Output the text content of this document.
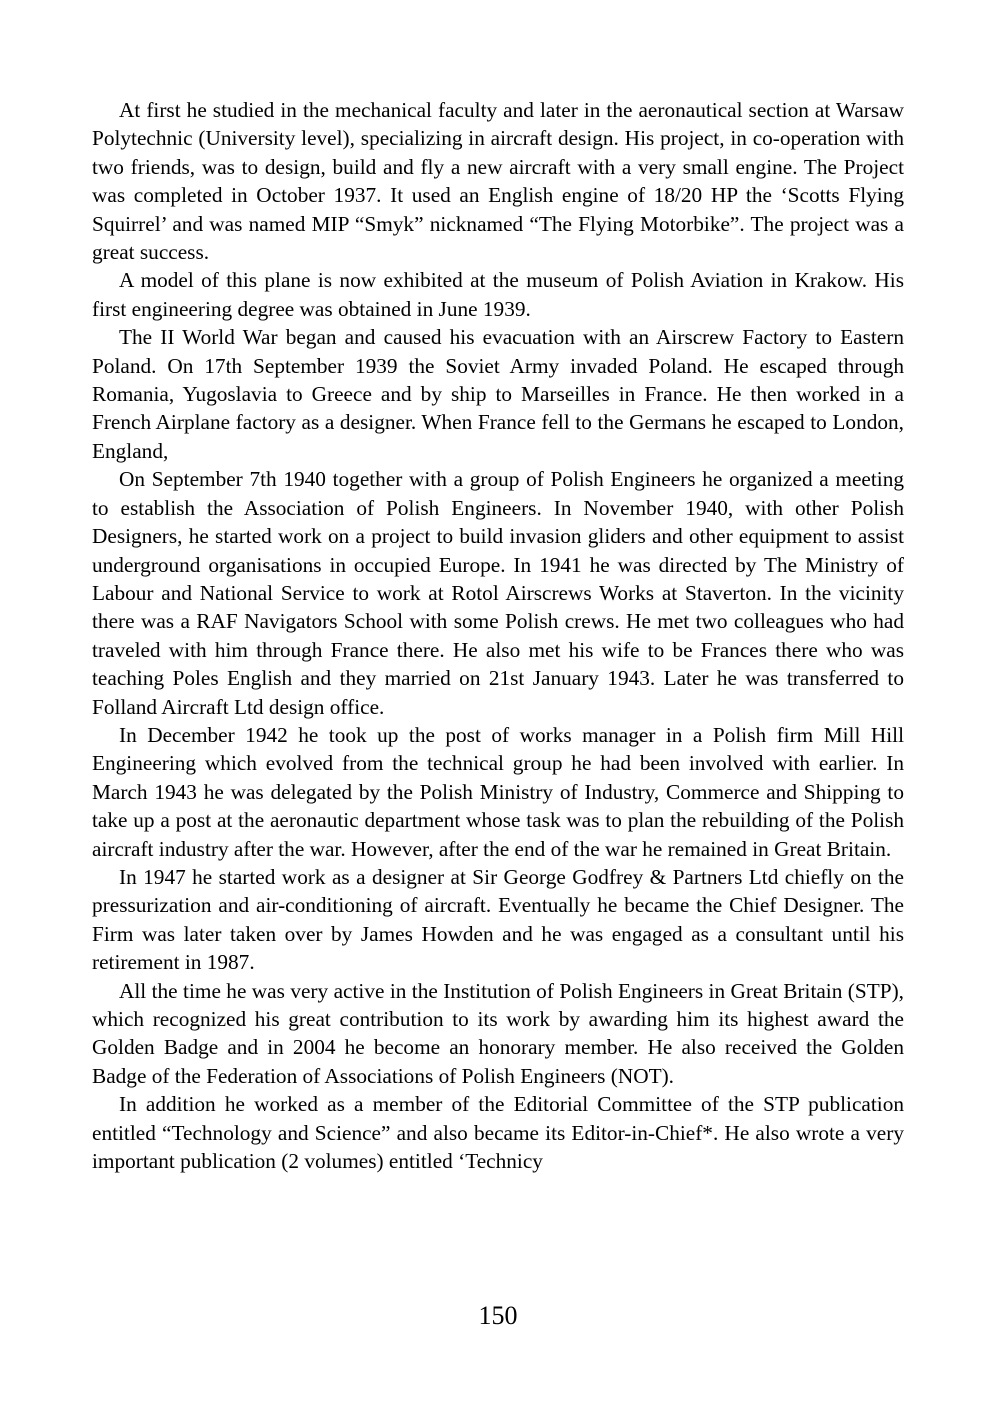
At first he studied in the mechanical faculty and later in the aeronautical section at Warsaw Polytechnic (University level), specializing in aircraft design. His project, in co-operation with two friends, was to design, build and fly a new aircraft with a very small engine. The Project was completed in October 1937. It used an English engine of 18/20 HP the ‘Scotts Flying Squirrel’ and was named MIP “Smyk” nicknamed “The Flying Motorbike”. The project was a great success.

A model of this plane is now exhibited at the museum of Polish Aviation in Krakow. His first engineering degree was obtained in June 1939.

The II World War began and caused his evacuation with an Airscrew Factory to Eastern Poland. On 17th September 1939 the Soviet Army invaded Poland. He escaped through Romania, Yugoslavia to Greece and by ship to Marseilles in France. He then worked in a French Airplane factory as a designer. When France fell to the Germans he escaped to London, England,

On September 7th 1940 together with a group of Polish Engineers he organized a meeting to establish the Association of Polish Engineers. In November 1940, with other Polish Designers, he started work on a project to build invasion gliders and other equipment to assist underground organisations in occupied Europe. In 1941 he was directed by The Ministry of Labour and National Service to work at Rotol Airscrews Works at Staverton. In the vicinity there was a RAF Navigators School with some Polish crews. He met two colleagues who had traveled with him through France there. He also met his wife to be Frances there who was teaching Poles English and they married on 21st January 1943. Later he was transferred to Folland Aircraft Ltd design office.

In December 1942 he took up the post of works manager in a Polish firm Mill Hill Engineering which evolved from the technical group he had been involved with earlier. In March 1943 he was delegated by the Polish Ministry of Industry, Commerce and Shipping to take up a post at the aeronautic department whose task was to plan the rebuilding of the Polish aircraft industry after the war. However, after the end of the war he remained in Great Britain.

In 1947 he started work as a designer at Sir George Godfrey & Partners Ltd chiefly on the pressurization and air-conditioning of aircraft. Eventually he became the Chief Designer. The Firm was later taken over by James Howden and he was engaged as a consultant until his retirement in 1987.

All the time he was very active in the Institution of Polish Engineers in Great Britain (STP), which recognized his great contribution to its work by awarding him its highest award the Golden Badge and in 2004 he become an honorary member. He also received the Golden Badge of the Federation of Associations of Polish Engineers (NOT).

In addition he worked as a member of the Editorial Committee of the STP publication entitled “Technology and Science” and also became its Editor-in-Chief*. He also wrote a very important publication (2 volumes) entitled ‘Technicy

150
